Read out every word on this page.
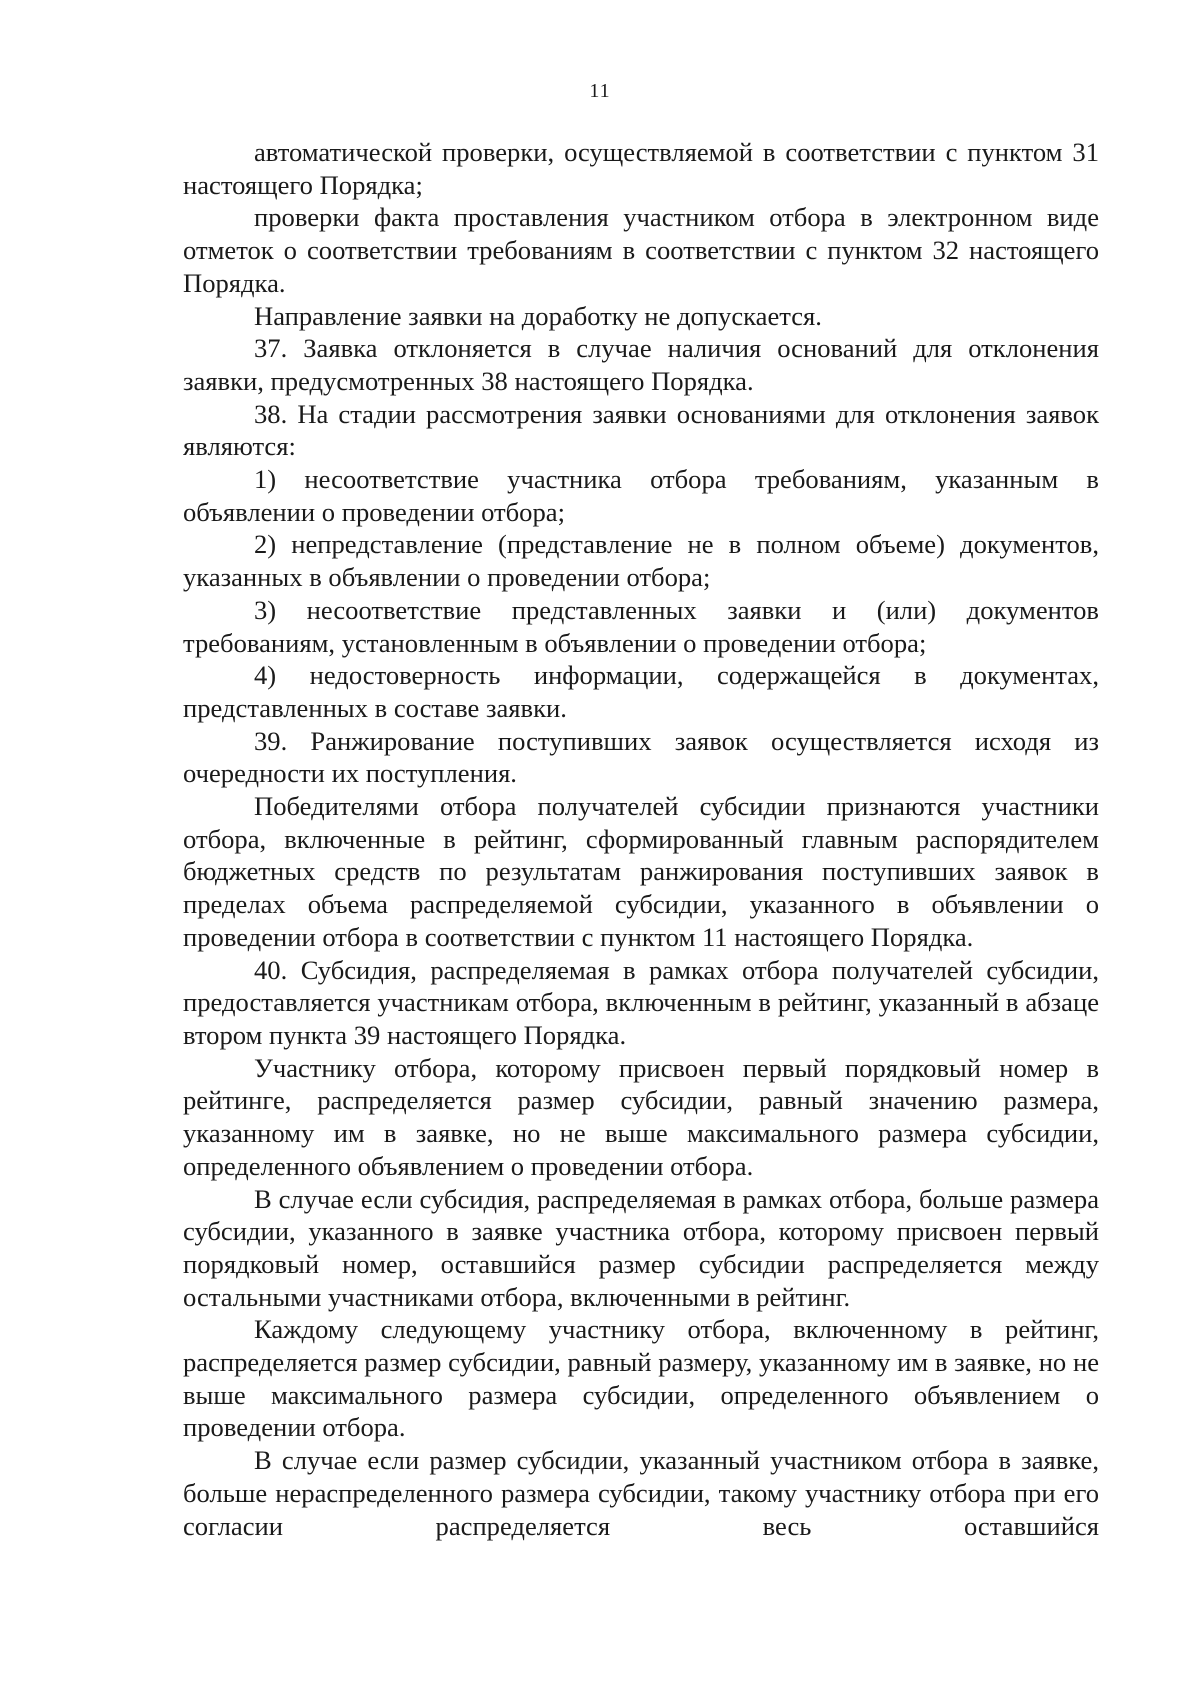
11

автоматической проверки, осуществляемой в соответствии с пунктом 31 настоящего Порядка;

проверки факта проставления участником отбора в электронном виде отметок о соответствии требованиям в соответствии с пунктом 32 настоящего Порядка.

Направление заявки на доработку не допускается.

37. Заявка отклоняется в случае наличия оснований для отклонения заявки, предусмотренных 38 настоящего Порядка.

38. На стадии рассмотрения заявки основаниями для отклонения заявок являются:

1) несоответствие участника отбора требованиям, указанным в объявлении о проведении отбора;

2) непредставление (представление не в полном объеме) документов, указанных в объявлении о проведении отбора;

3) несоответствие представленных заявки и (или) документов требованиям, установленным в объявлении о проведении отбора;

4) недостоверность информации, содержащейся в документах, представленных в составе заявки.

39. Ранжирование поступивших заявок осуществляется исходя из очередности их поступления.

Победителями отбора получателей субсидии признаются участники отбора, включенные в рейтинг, сформированный главным распорядителем бюджетных средств по результатам ранжирования поступивших заявок в пределах объема распределяемой субсидии, указанного в объявлении о проведении отбора в соответствии с пунктом 11 настоящего Порядка.

40. Субсидия, распределяемая в рамках отбора получателей субсидии, предоставляется участникам отбора, включенным в рейтинг, указанный в абзаце втором пункта 39 настоящего Порядка.

Участнику отбора, которому присвоен первый порядковый номер в рейтинге, распределяется размер субсидии, равный значению размера, указанному им в заявке, но не выше максимального размера субсидии, определенного объявлением о проведении отбора.

В случае если субсидия, распределяемая в рамках отбора, больше размера субсидии, указанного в заявке участника отбора, которому присвоен первый порядковый номер, оставшийся размер субсидии распределяется между остальными участниками отбора, включенными в рейтинг.

Каждому следующему участнику отбора, включенному в рейтинг, распределяется размер субсидии, равный размеру, указанному им в заявке, но не выше максимального размера субсидии, определенного объявлением о проведении отбора.

В случае если размер субсидии, указанный участником отбора в заявке, больше нераспределенного размера субсидии, такому участнику отбора при его согласии распределяется весь оставшийся
